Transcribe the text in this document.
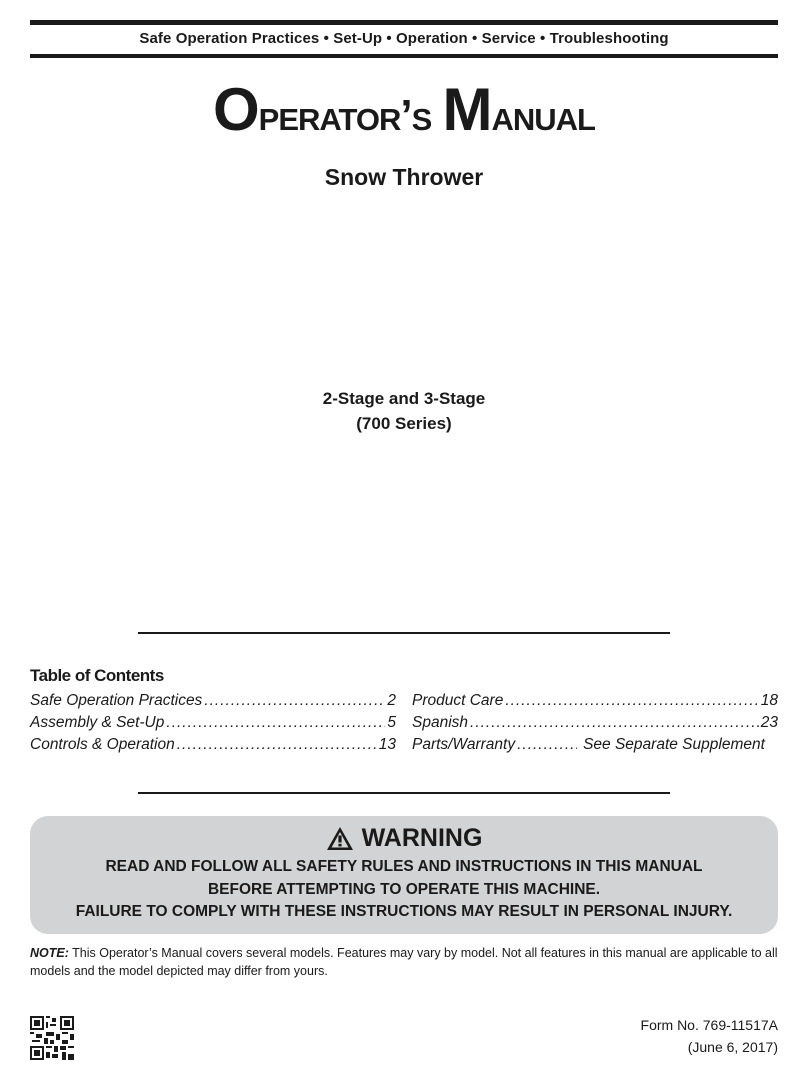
Safe Operation Practices • Set-Up • Operation • Service • Troubleshooting
Operator’s Manual
Snow Thrower
2-Stage and 3-Stage
(700 Series)
Table of Contents
Safe Operation Practices .....	2
Assembly & Set-Up .....	5
Controls & Operation .....	13
Product Care .....	18
Spanish .....	23
Parts/Warranty .....	See Separate Supplement
WARNING
READ AND FOLLOW ALL SAFETY RULES AND INSTRUCTIONS IN THIS MANUAL
BEFORE ATTEMPTING TO OPERATE THIS MACHINE.
FAILURE TO COMPLY WITH THESE INSTRUCTIONS MAY RESULT IN PERSONAL INJURY.
NOTE: This Operator’s Manual covers several models. Features may vary by model. Not all features in this manual are applicable to all models and the model depicted may differ from yours.
Form No. 769-11517A
(June 6, 2017)
